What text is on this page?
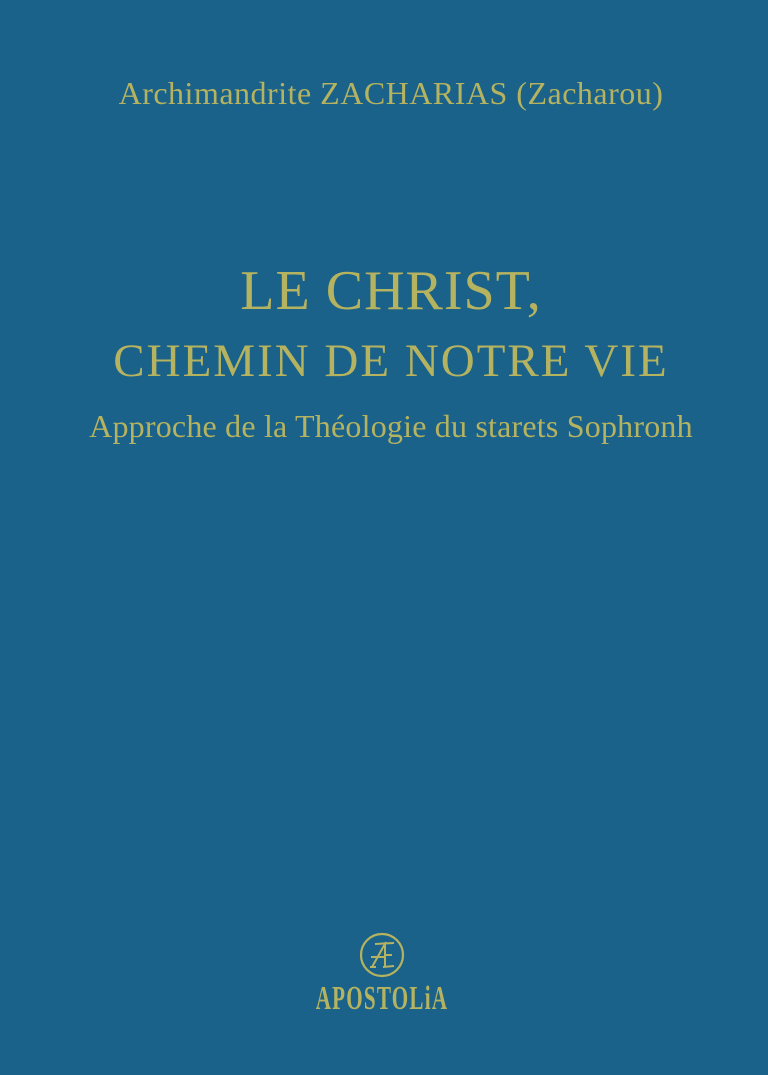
Archimandrite ZACHARIAS (Zacharou)
LE CHRIST,
CHEMIN DE NOTRE VIE
Approche de la Théologie du starets Sophronh
APOSTOLiA
